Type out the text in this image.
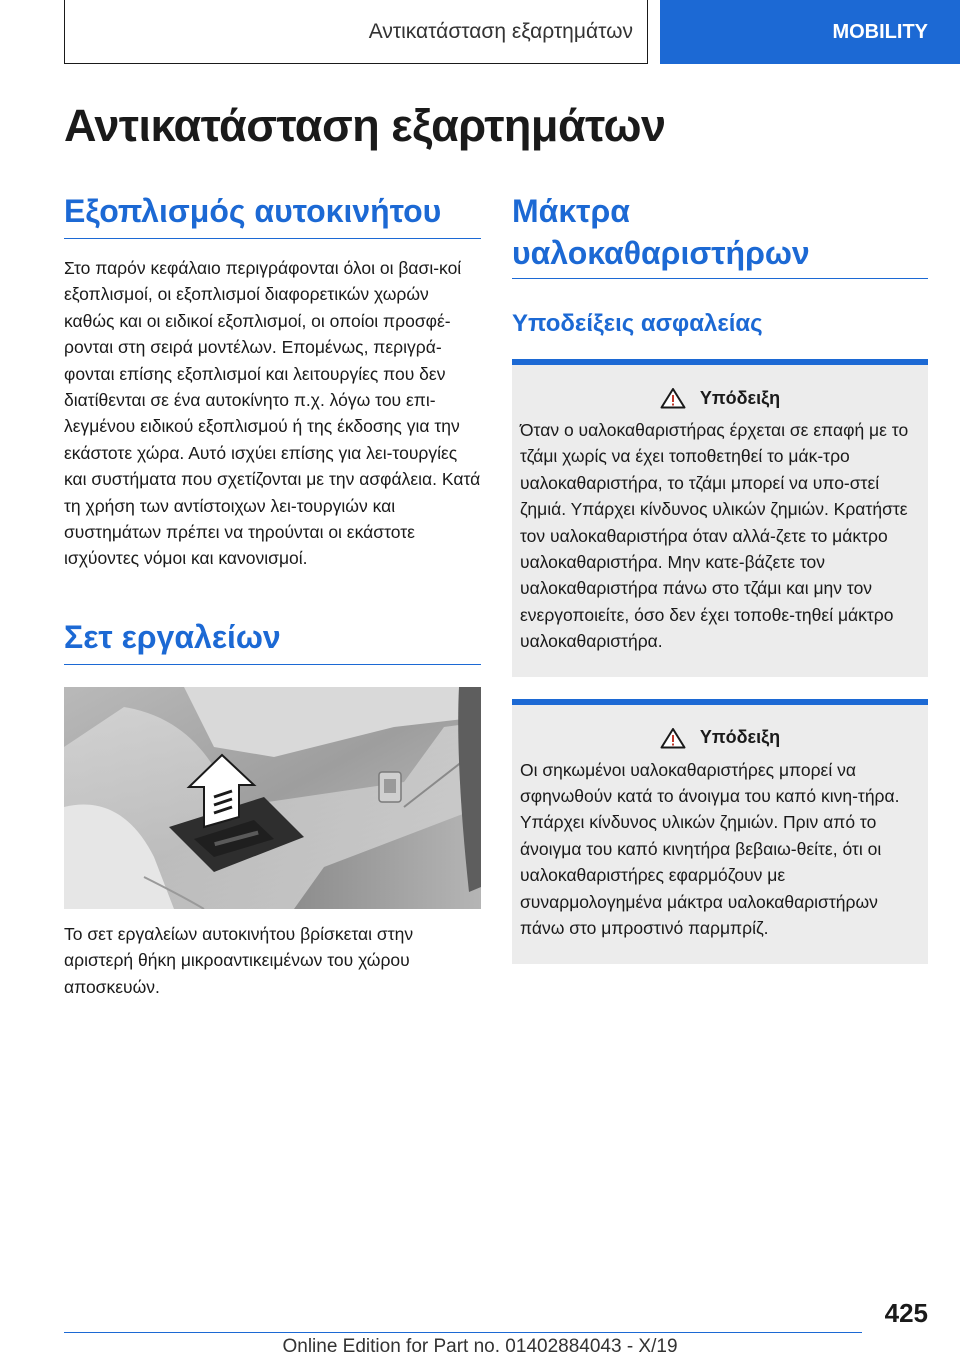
Αντικατάσταση εξαρτημάτων	MOBILITY
Αντικατάσταση εξαρτημάτων
Εξοπλισμός αυτοκινήτου

Στο παρόν κεφάλαιο περιγράφονται όλοι οι βασι-κοί εξοπλισμοί, οι εξοπλισμοί διαφορετικών χωρών καθώς και οι ειδικοί εξοπλισμοί, οι οποίοι προσφέ-ρονται στη σειρά μοντέλων. Επομένως, περιγρά-φονται επίσης εξοπλισμοί και λειτουργίες που δεν διατίθενται σε ένα αυτοκίνητο π.χ. λόγω του επι-λεγμένου ειδικού εξοπλισμού ή της έκδοσης για την εκάστοτε χώρα. Αυτό ισχύει επίσης για λει-τουργίες και συστήματα που σχετίζονται με την ασφάλεια. Κατά τη χρήση των αντίστοιχων λει-τουργιών και συστημάτων πρέπει να τηρούνται οι εκάστοτε ισχύοντες νόμοι και κανονισμοί.

Σετ εργαλείων

Το σετ εργαλείων αυτοκινήτου βρίσκεται στην αριστερή θήκη μικροαντικειμένων του χώρου αποσκευών.

Μάκτρα υαλοκαθαριστήρων
Υποδείξεις ασφαλείας
Υπόδειξη

Όταν ο υαλοκαθαριστήρας έρχεται σε επαφή με το τζάμι χωρίς να έχει τοποθετηθεί το μάκ-τρο υαλοκαθαριστήρα, το τζάμι μπορεί να υπο-στεί ζημιά. Υπάρχει κίνδυνος υλικών ζημιών. Κρατήστε τον υαλοκαθαριστήρα όταν αλλά-ζετε το μάκτρο υαλοκαθαριστήρα. Μην κατε-βάζετε τον υαλοκαθαριστήρα πάνω στο τζάμι και μην τον ενεργοποιείτε, όσο δεν έχει τοποθε-τηθεί μάκτρο υαλοκαθαριστήρα.

Υπόδειξη

Οι σηκωμένοι υαλοκαθαριστήρες μπορεί να σφηνωθούν κατά το άνοιγμα του καπό κινη-τήρα. Υπάρχει κίνδυνος υλικών ζημιών. Πριν από το άνοιγμα του καπό κινητήρα βεβαιω-θείτε, ότι οι υαλοκαθαριστήρες εφαρμόζουν με συναρμολογημένα μάκτρα υαλοκαθαριστήρων πάνω στο μπροστινό παρμπρίζ.

425
Online Edition for Part no. 01402884043 - X/19
